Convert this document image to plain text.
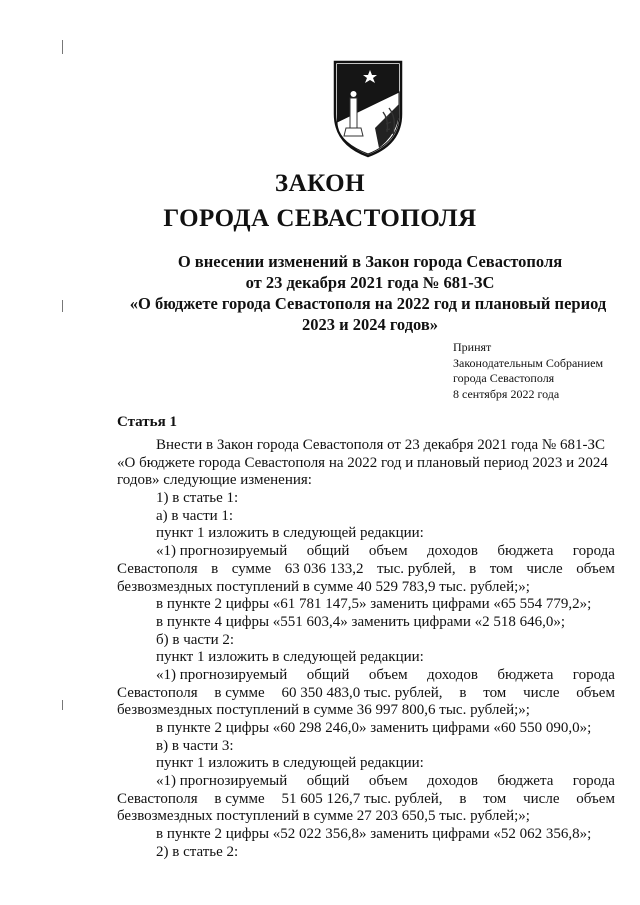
ЗАКОН
ГОРОДА СЕВАСТОПОЛЯ
О внесении изменений в Закон города Севастополя
от 23 декабря 2021 года № 681-ЗС
«О бюджете города Севастополя на 2022 год и плановый период
2023 и 2024 годов»
Принят
Законодательным Собранием
города Севастополя
8 сентября 2022 года
Статья 1
Внести в Закон города Севастополя от 23 декабря 2021 года № 681-ЗС
«О бюджете города Севастополя на 2022 год и плановый период 2023 и 2024
годов» следующие изменения:
1) в статье 1:
а) в части 1:
пункт 1 изложить в следующей редакции:
«1) прогнозируемый общий объем доходов бюджета города
Севастополя в сумме 63 036 133,2 тыс. рублей, в том числе объем
безвозмездных поступлений в сумме 40 529 783,9 тыс. рублей;»;
в пункте 2 цифры «61 781 147,5» заменить цифрами «65 554 779,2»;
в пункте 4 цифры «551 603,4» заменить цифрами «2 518 646,0»;
б) в части 2:
пункт 1 изложить в следующей редакции:
«1) прогнозируемый общий объем доходов бюджета города
Севастополя в сумме 60 350 483,0 тыс. рублей, в том числе объем
безвозмездных поступлений в сумме 36 997 800,6 тыс. рублей;»;
в пункте 2 цифры «60 298 246,0» заменить цифрами «60 550 090,0»;
в) в части 3:
пункт 1 изложить в следующей редакции:
«1) прогнозируемый общий объем доходов бюджета города
Севастополя в сумме 51 605 126,7 тыс. рублей, в том числе объем
безвозмездных поступлений в сумме 27 203 650,5 тыс. рублей;»;
в пункте 2 цифры «52 022 356,8» заменить цифрами «52 062 356,8»;
2) в статье 2:
